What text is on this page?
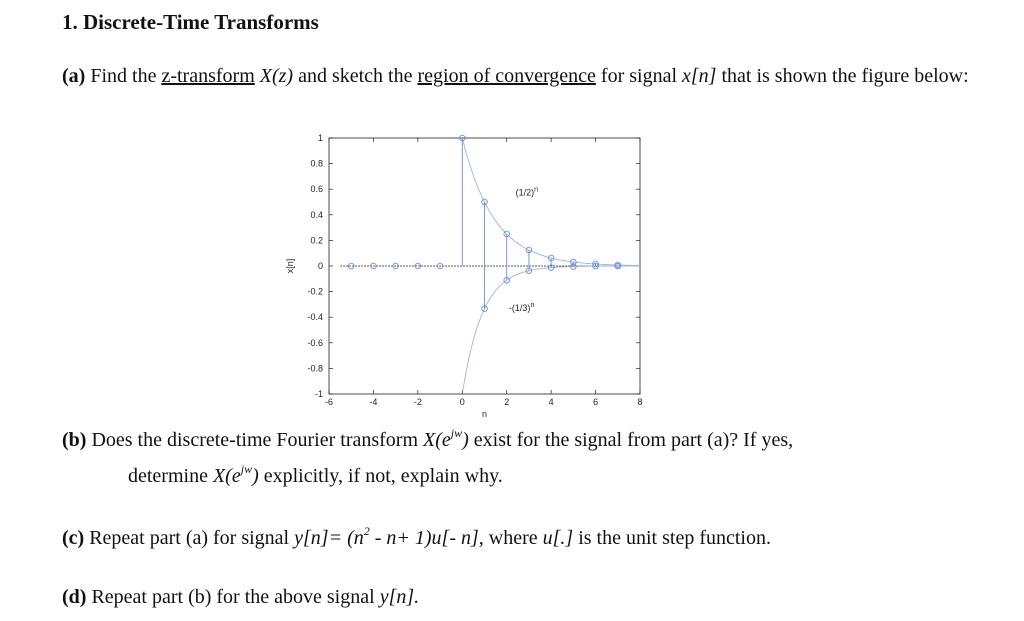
1. Discrete-Time Transforms
(a) Find the z-transform X(z) and sketch the region of convergence for signal x[n] that is shown the figure below:
-6	-4	-2	0	2	4	6	8
1
0.8
0.6
0.4
0.2
0
-0.2
-0.4
-0.6
-0.8
-1
n
x[n]
$(1/2)^n$
$-(1/3)^n$
(b) Does the discrete-time Fourier transform $X(e^{jw})$ exist for the signal from part (a)? If yes,
determine $X(e^{jw})$ explicitly, if not, explain why.
(c) Repeat part (a) for signal $y[n]= (n^2 - n+ 1)u[-$ n], where u[.] is the unit step function.
(d) Repeat part (b) for the above signal y[n].
